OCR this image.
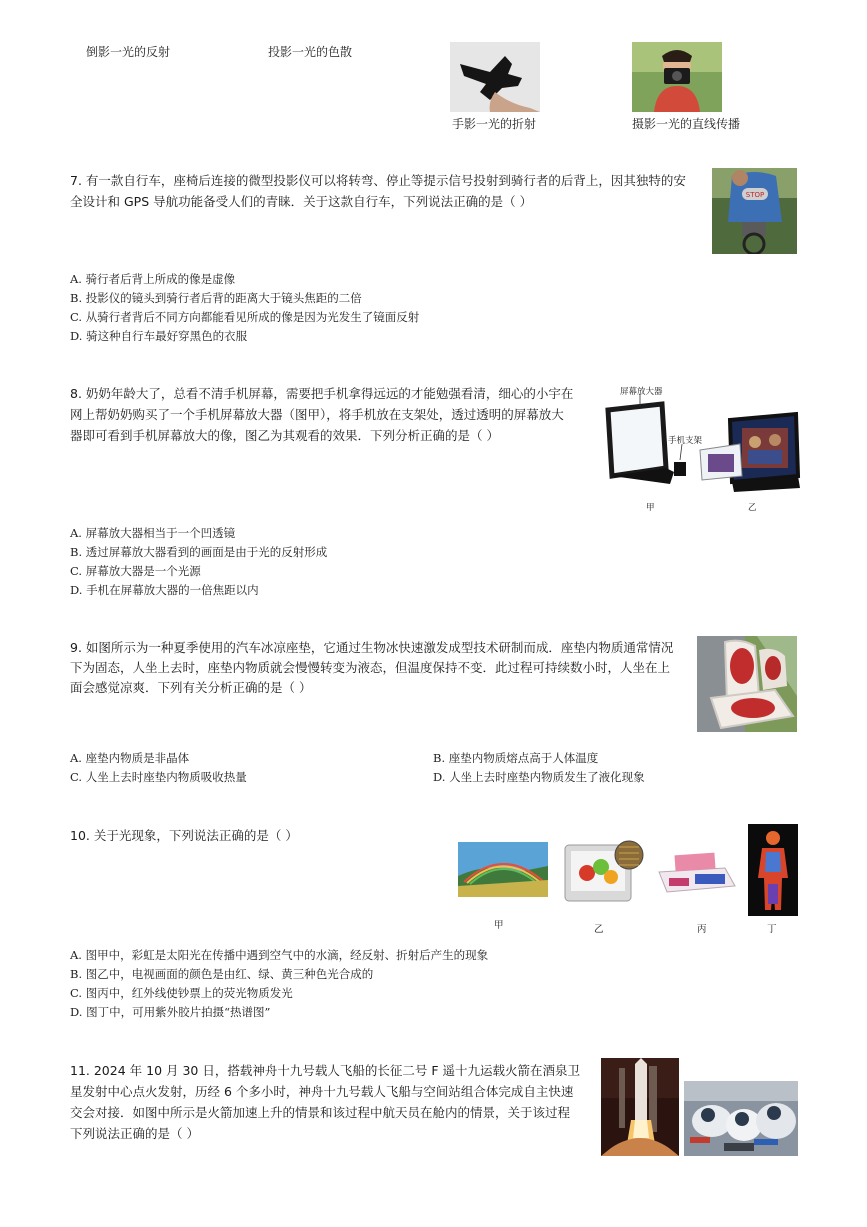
倒影一光的反射	投影一光的色散
手影一光的折射	摄影一光的直线传播
7. 有一款自行车，座椅后连接的微型投影仪可以将转弯、停止等提示信号投射到骑行者的后背上，因其独特的安
全设计和 GPS 导航功能备受人们的青睐．关于这款自行车，下列说法正确的是（ ）	STOP
A. 骑行者后背上所成的像是虚像
B. 投影仪的镜头到骑行者后背的距离大于镜头焦距的二倍
C. 从骑行者背后不同方向都能看见所成的像是因为光发生了镜面反射
D. 骑这种自行车最好穿黑色的衣服
8. 奶奶年龄大了，总看不清手机屏幕，需要把手机拿得远远的才能勉强看清，细心的小宇在
网上帮奶奶购买了一个手机屏幕放大器（图甲），将手机放在支架处，透过透明的屏幕放大
器即可看到手机屏幕放大的像，图乙为其观看的效果．下列分析正确的是（ ）
屏幕放大器
手机支架
甲	乙
A. 屏幕放大器相当于一个凹透镜
B. 透过屏幕放大器看到的画面是由于光的反射形成
C. 屏幕放大器是一个光源
D. 手机在屏幕放大器的一倍焦距以内
9. 如图所示为一种夏季使用的汽车冰凉座垫，它通过生物冰快速激发成型技术研制而成．座垫内物质通常情况
下为固态，人坐上去时，座垫内物质就会慢慢转变为液态，但温度保持不变．此过程可持续数小时，人坐在上
面会感觉凉爽．下列有关分析正确的是（ ）
A. 座垫内物质是非晶体	B. 座垫内物质熔点高于人体温度
C. 人坐上去时座垫内物质吸收热量	D. 人坐上去时座垫内物质发生了液化现象
10. 关于光现象，下列说法正确的是（ ）
甲	乙	丙	丁
A. 图甲中，彩虹是太阳光在传播中遇到空气中的水滴，经反射、折射后产生的现象
B. 图乙中，电视画面的颜色是由红、绿、黄三种色光合成的
C. 图丙中，红外线使钞票上的荧光物质发光
D. 图丁中，可用紫外胶片拍摄“热谱图”
11. 2024 年 10 月 30 日，搭载神舟十九号载人飞船的长征二号 F 遥十九运载火箭在酒泉卫
星发射中心点火发射，历经 6 个多小时，神舟十九号载人飞船与空间站组合体完成自主快速
交会对接．如图中所示是火箭加速上升的情景和该过程中航天员在舱内的情景，关于该过程
下列说法正确的是（ ）
